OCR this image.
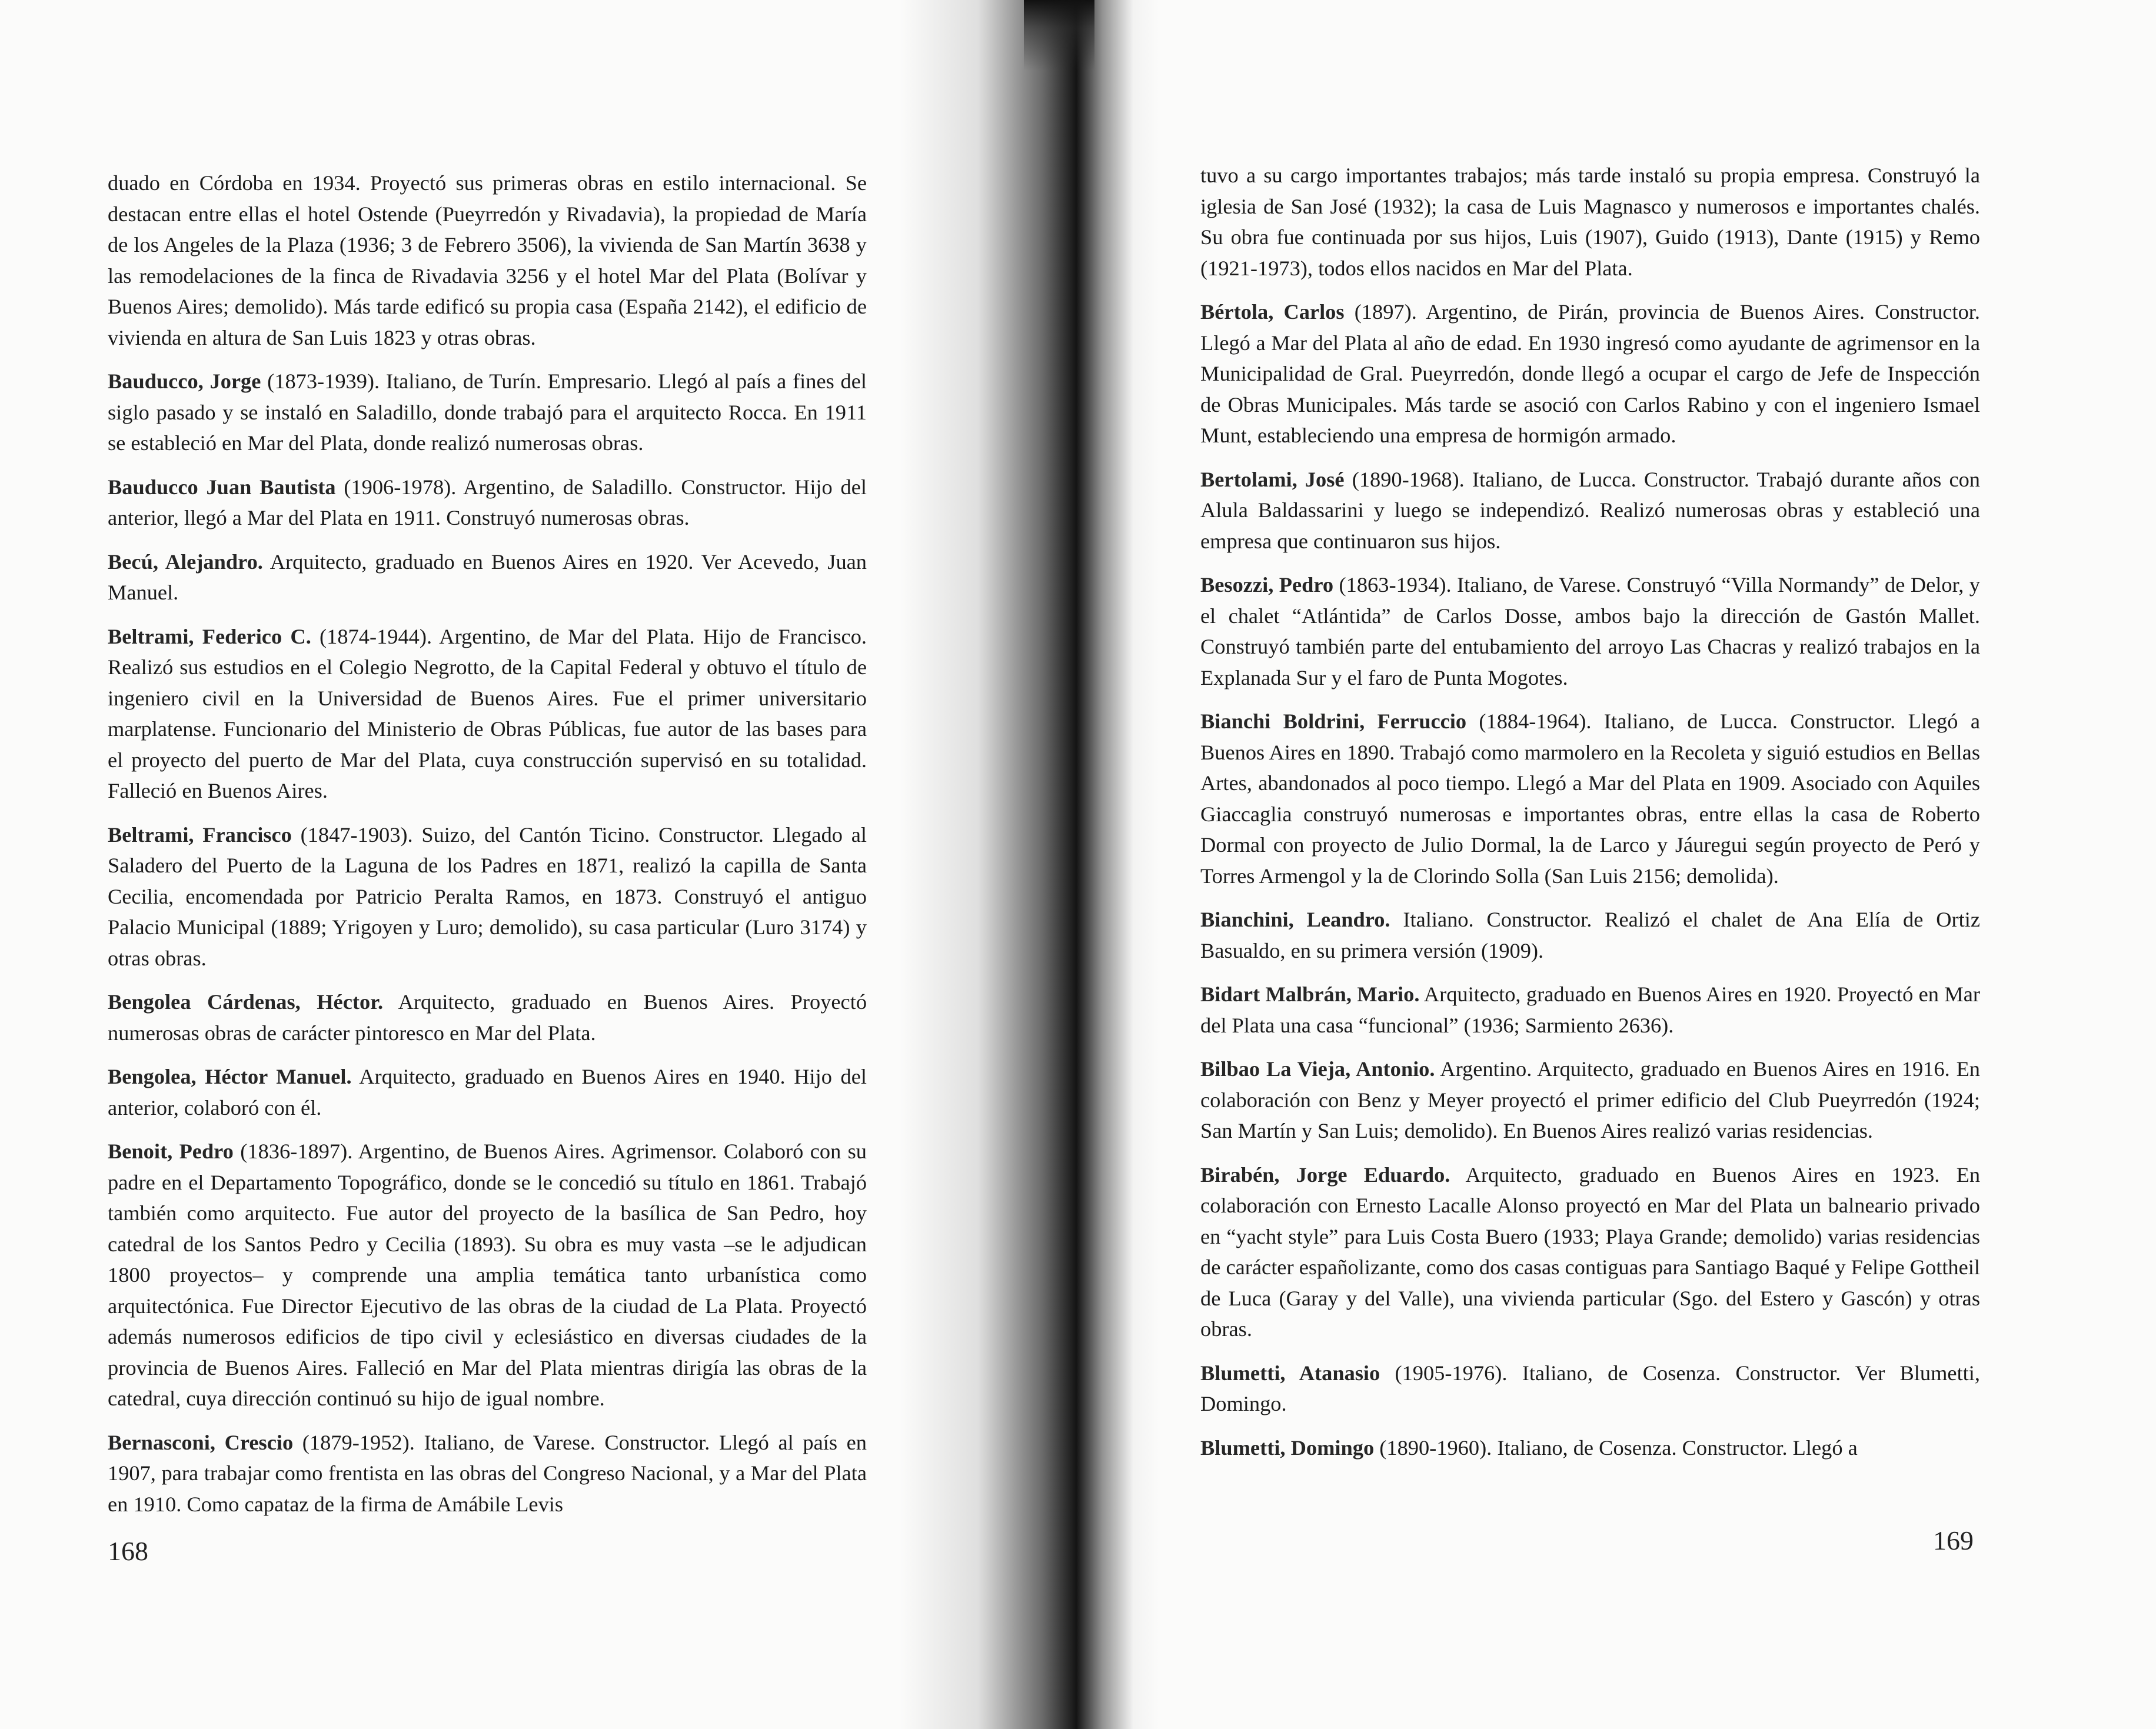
duado en Córdoba en 1934. Proyectó sus primeras obras en estilo internacional. Se destacan entre ellas el hotel Ostende (Pueyrredón y Rivadavia), la propiedad de María de los Angeles de la Plaza (1936; 3 de Febrero 3506), la vivienda de San Martín 3638 y las remodelaciones de la finca de Rivadavia 3256 y el hotel Mar del Plata (Bolívar y Buenos Aires; demolido). Más tarde edificó su propia casa (España 2142), el edificio de vivienda en altura de San Luis 1823 y otras obras.

Bauducco, Jorge (1873-1939). Italiano, de Turín. Empresario. Llegó al país a fines del siglo pasado y se instaló en Saladillo, donde trabajó para el arquitecto Rocca. En 1911 se estableció en Mar del Plata, donde realizó numerosas obras.

Bauducco Juan Bautista (1906-1978). Argentino, de Saladillo. Constructor. Hijo del anterior, llegó a Mar del Plata en 1911. Construyó numerosas obras.

Becú, Alejandro. Arquitecto, graduado en Buenos Aires en 1920. Ver Acevedo, Juan Manuel.

Beltrami, Federico C. (1874-1944). Argentino, de Mar del Plata. Hijo de Francisco. Realizó sus estudios en el Colegio Negrotto, de la Capital Federal y obtuvo el título de ingeniero civil en la Universidad de Buenos Aires. Fue el primer universitario marplatense. Funcionario del Ministerio de Obras Públicas, fue autor de las bases para el proyecto del puerto de Mar del Plata, cuya construcción supervisó en su totalidad. Falleció en Buenos Aires.

Beltrami, Francisco (1847-1903). Suizo, del Cantón Ticino. Constructor. Llegado al Saladero del Puerto de la Laguna de los Padres en 1871, realizó la capilla de Santa Cecilia, encomendada por Patricio Peralta Ramos, en 1873. Construyó el antiguo Palacio Municipal (1889; Yrigoyen y Luro; demolido), su casa particular (Luro 3174) y otras obras.

Bengolea Cárdenas, Héctor. Arquitecto, graduado en Buenos Aires. Proyectó numerosas obras de carácter pintoresco en Mar del Plata.

Bengolea, Héctor Manuel. Arquitecto, graduado en Buenos Aires en 1940. Hijo del anterior, colaboró con él.

Benoit, Pedro (1836-1897). Argentino, de Buenos Aires. Agrimensor. Colaboró con su padre en el Departamento Topográfico, donde se le concedió su título en 1861. Trabajó también como arquitecto. Fue autor del proyecto de la basílica de San Pedro, hoy catedral de los Santos Pedro y Cecilia (1893). Su obra es muy vasta –se le adjudican 1800 proyectos– y comprende una amplia temática tanto urbanística como arquitectónica. Fue Director Ejecutivo de las obras de la ciudad de La Plata. Proyectó además numerosos edificios de tipo civil y eclesiástico en diversas ciudades de la provincia de Buenos Aires. Falleció en Mar del Plata mientras dirigía las obras de la catedral, cuya dirección continuó su hijo de igual nombre.

Bernasconi, Crescio (1879-1952). Italiano, de Varese. Constructor. Llegó al país en 1907, para trabajar como frentista en las obras del Congreso Nacional, y a Mar del Plata en 1910. Como capataz de la firma de Amábile Levis

168

tuvo a su cargo importantes trabajos; más tarde instaló su propia empresa. Construyó la iglesia de San José (1932); la casa de Luis Magnasco y numerosos e importantes chalés. Su obra fue continuada por sus hijos, Luis (1907), Guido (1913), Dante (1915) y Remo (1921-1973), todos ellos nacidos en Mar del Plata.

Bértola, Carlos (1897). Argentino, de Pirán, provincia de Buenos Aires. Constructor. Llegó a Mar del Plata al año de edad. En 1930 ingresó como ayudante de agrimensor en la Municipalidad de Gral. Pueyrredón, donde llegó a ocupar el cargo de Jefe de Inspección de Obras Municipales. Más tarde se asoció con Carlos Rabino y con el ingeniero Ismael Munt, estableciendo una empresa de hormigón armado.

Bertolami, José (1890-1968). Italiano, de Lucca. Constructor. Trabajó durante años con Alula Baldassarini y luego se independizó. Realizó numerosas obras y estableció una empresa que continuaron sus hijos.

Besozzi, Pedro (1863-1934). Italiano, de Varese. Construyó “Villa Normandy” de Delor, y el chalet “Atlántida” de Carlos Dosse, ambos bajo la dirección de Gastón Mallet. Construyó también parte del entubamiento del arroyo Las Chacras y realizó trabajos en la Explanada Sur y el faro de Punta Mogotes.

Bianchi Boldrini, Ferruccio (1884-1964). Italiano, de Lucca. Constructor. Llegó a Buenos Aires en 1890. Trabajó como marmolero en la Recoleta y siguió estudios en Bellas Artes, abandonados al poco tiempo. Llegó a Mar del Plata en 1909. Asociado con Aquiles Giaccaglia construyó numerosas e importantes obras, entre ellas la casa de Roberto Dormal con proyecto de Julio Dormal, la de Larco y Jáuregui según proyecto de Peró y Torres Armengol y la de Clorindo Solla (San Luis 2156; demolida).

Bianchini, Leandro. Italiano. Constructor. Realizó el chalet de Ana Elía de Ortiz Basualdo, en su primera versión (1909).

Bidart Malbrán, Mario. Arquitecto, graduado en Buenos Aires en 1920. Proyectó en Mar del Plata una casa “funcional” (1936; Sarmiento 2636).

Bilbao La Vieja, Antonio. Argentino. Arquitecto, graduado en Buenos Aires en 1916. En colaboración con Benz y Meyer proyectó el primer edificio del Club Pueyrredón (1924; San Martín y San Luis; demolido). En Buenos Aires realizó varias residencias.

Birabén, Jorge Eduardo. Arquitecto, graduado en Buenos Aires en 1923. En colaboración con Ernesto Lacalle Alonso proyectó en Mar del Plata un balneario privado en “yacht style” para Luis Costa Buero (1933; Playa Grande; demolido) varias residencias de carácter españolizante, como dos casas contiguas para Santiago Baqué y Felipe Gottheil de Luca (Garay y del Valle), una vivienda particular (Sgo. del Estero y Gascón) y otras obras.

Blumetti, Atanasio (1905-1976). Italiano, de Cosenza. Constructor. Ver Blumetti, Domingo.

Blumetti, Domingo (1890-1960). Italiano, de Cosenza. Constructor. Llegó a

169
